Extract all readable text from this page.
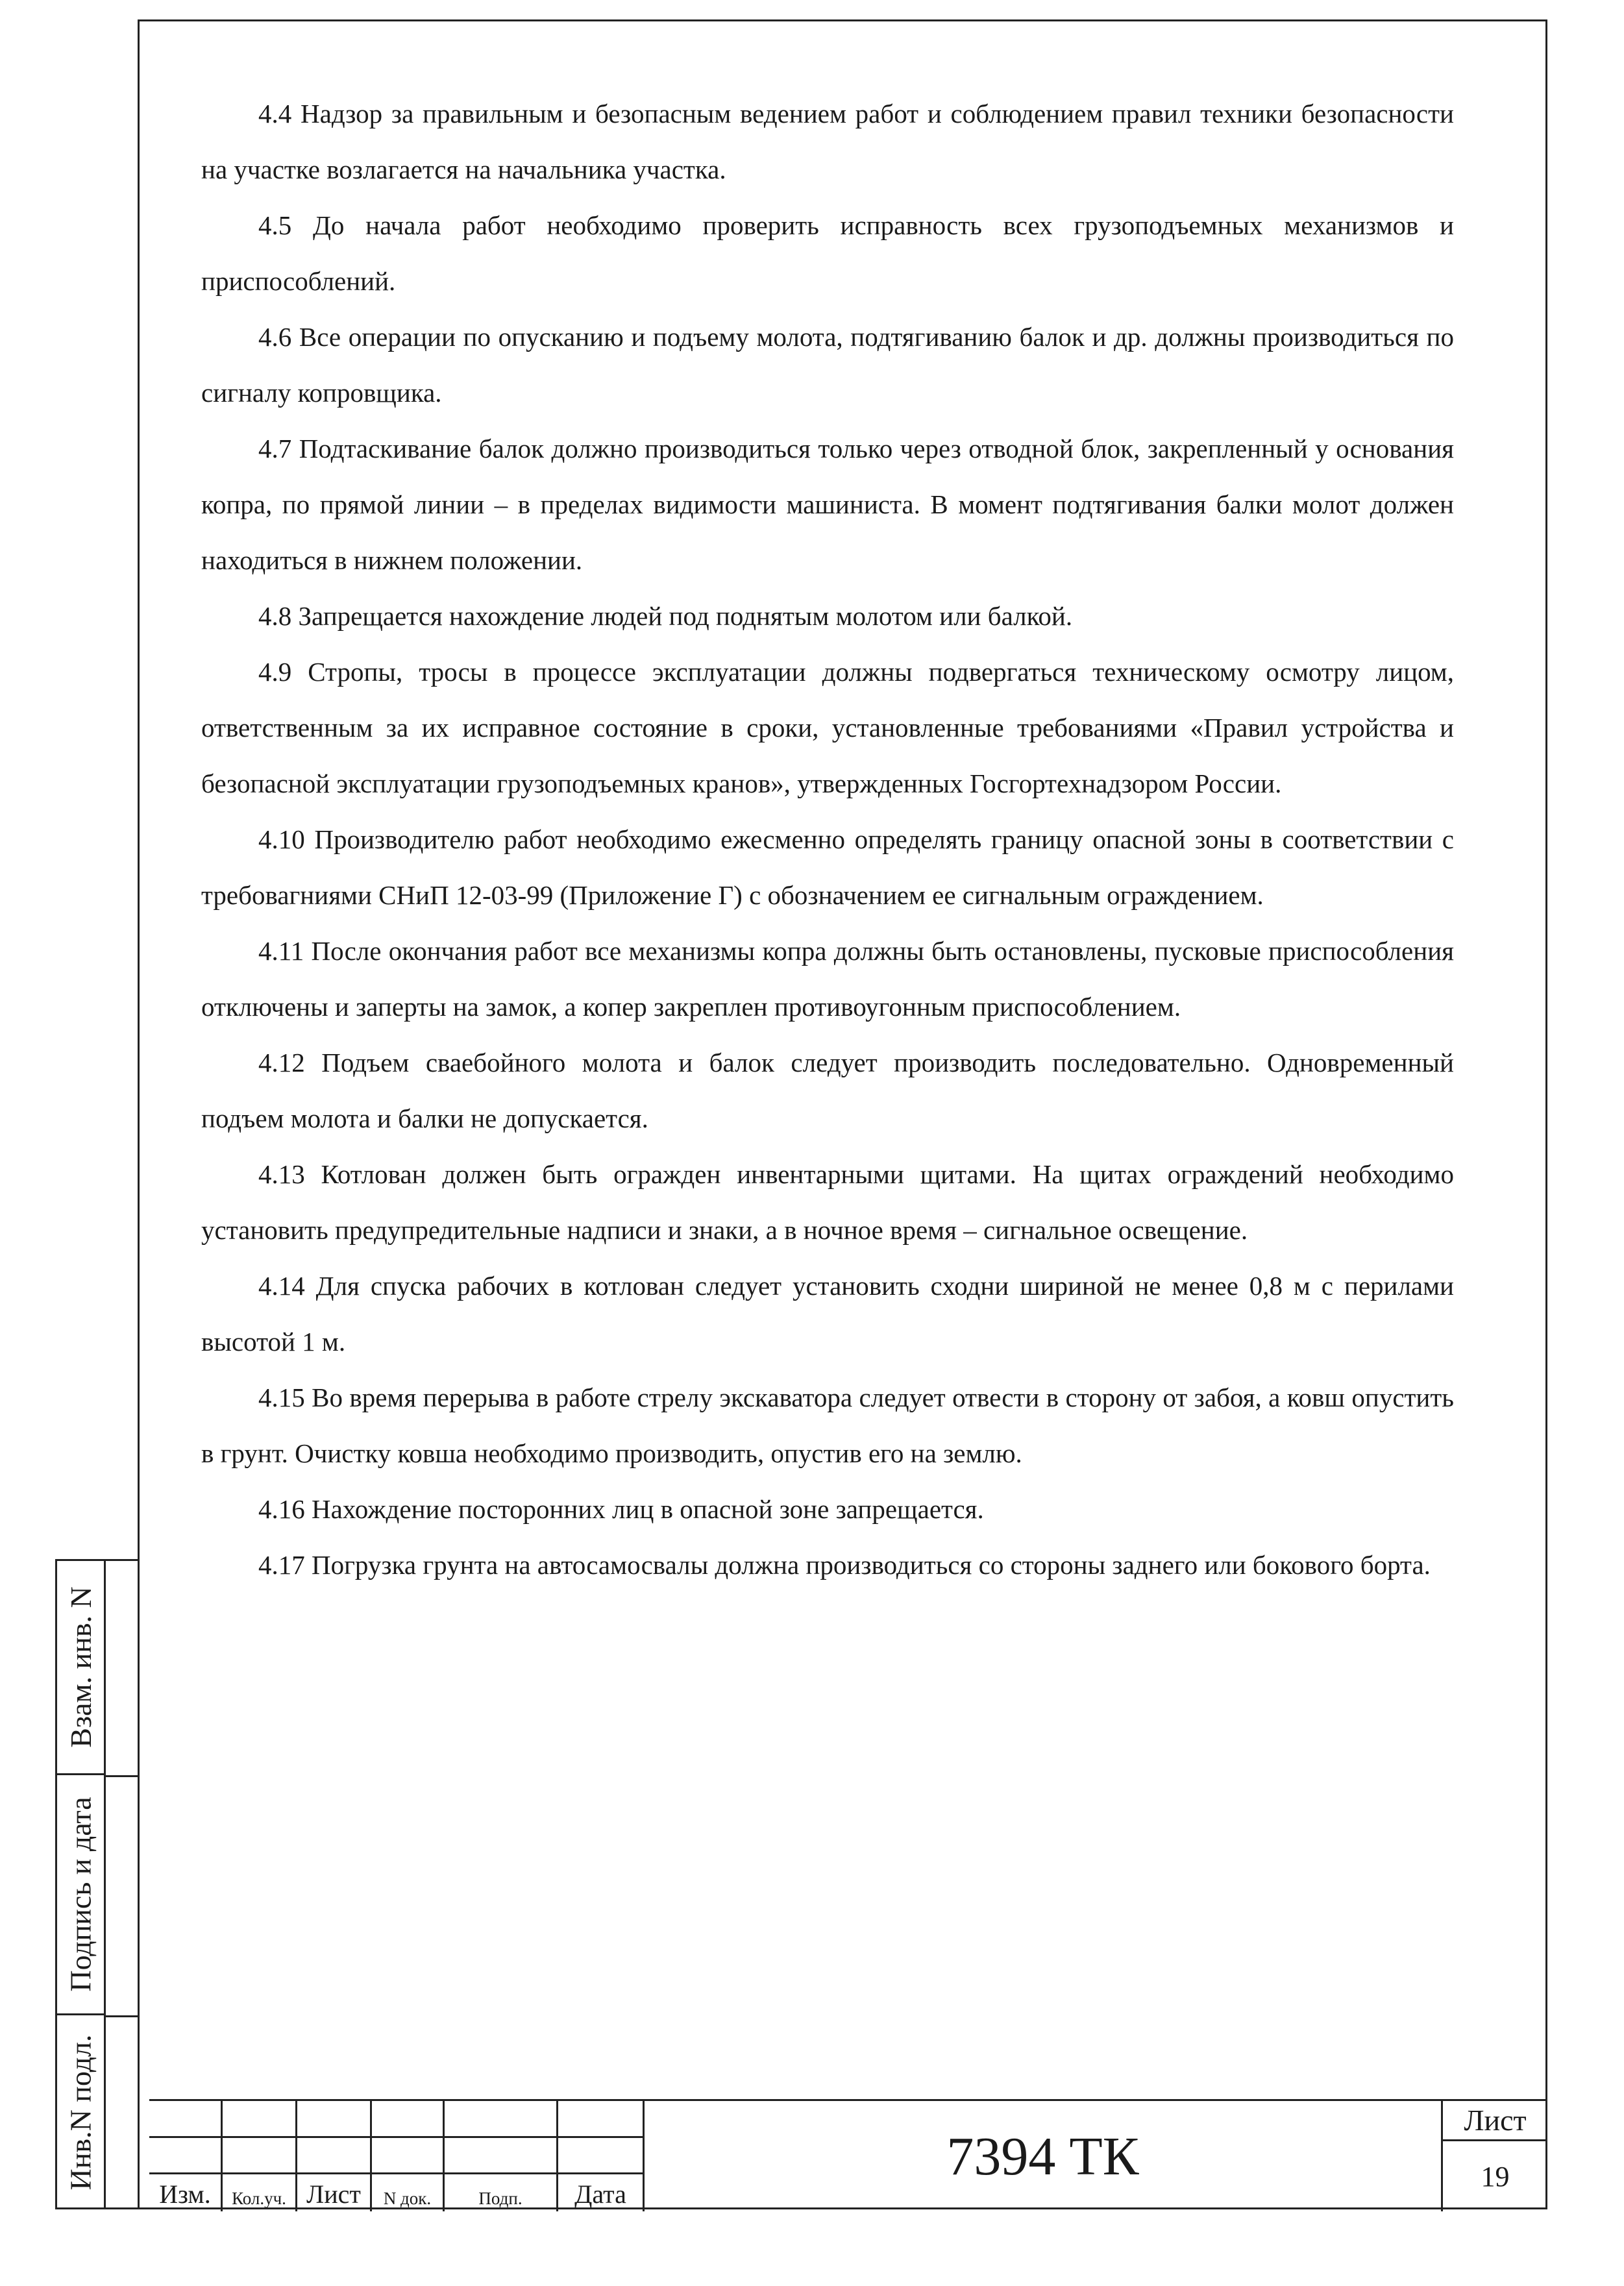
4.4 Надзор за правильным и безопасным ведением работ и соблюдением правил техники безопасности на участке возлагается на начальника участка.

4.5 До начала работ необходимо проверить исправность всех грузоподъемных механизмов и приспособлений.

4.6 Все операции по опусканию и подъему молота, подтягиванию балок и др. должны производиться по сигналу копровщика.

4.7 Подтаскивание балок должно производиться только через отводной блок, закрепленный у основания копра, по прямой линии – в пределах видимости машиниста. В момент подтягивания балки молот должен находиться в нижнем положении.

4.8 Запрещается нахождение людей под поднятым молотом или балкой.

4.9 Стропы, тросы в процессе эксплуатации должны подвергаться техническому осмотру лицом, ответственным за их исправное состояние в сроки, установленные требованиями «Правил устройства и безопасной эксплуатации грузоподъемных кранов», утвержденных Госгортехнадзором России.

4.10 Производителю работ необходимо ежесменно определять границу опасной зоны в соответствии с требовагниями СНиП 12-03-99 (Приложение Г) с обозначением ее сигнальным ограждением.

4.11 После окончания работ все механизмы копра должны быть остановлены, пусковые приспособления отключены и заперты на замок, а копер закреплен противоугонным приспособлением.

4.12 Подъем сваебойного молота и балок следует производить последовательно. Одновременный подъем молота и балки не допускается.

4.13 Котлован должен быть огражден инвентарными щитами. На щитах ограждений необходимо установить предупредительные надписи и знаки, а в ночное время – сигнальное освещение.

4.14 Для спуска рабочих в котлован следует установить сходни шириной не менее 0,8 м с перилами высотой 1 м.

4.15 Во время перерыва в работе стрелу экскаватора следует отвести в сторону от забоя, а ковш опустить в грунт. Очистку ковша необходимо производить, опустив его на землю.

4.16 Нахождение посторонних лиц в опасной зоне запрещается.

4.17 Погрузка грунта на автосамосвалы должна производиться со стороны заднего или бокового борта.

Взам. инв. N
Подпись и дата
Инв.N подл.
Изм. Кол.уч. Лист N док.	Подп. Дата
7394 ТК
Лист
19
